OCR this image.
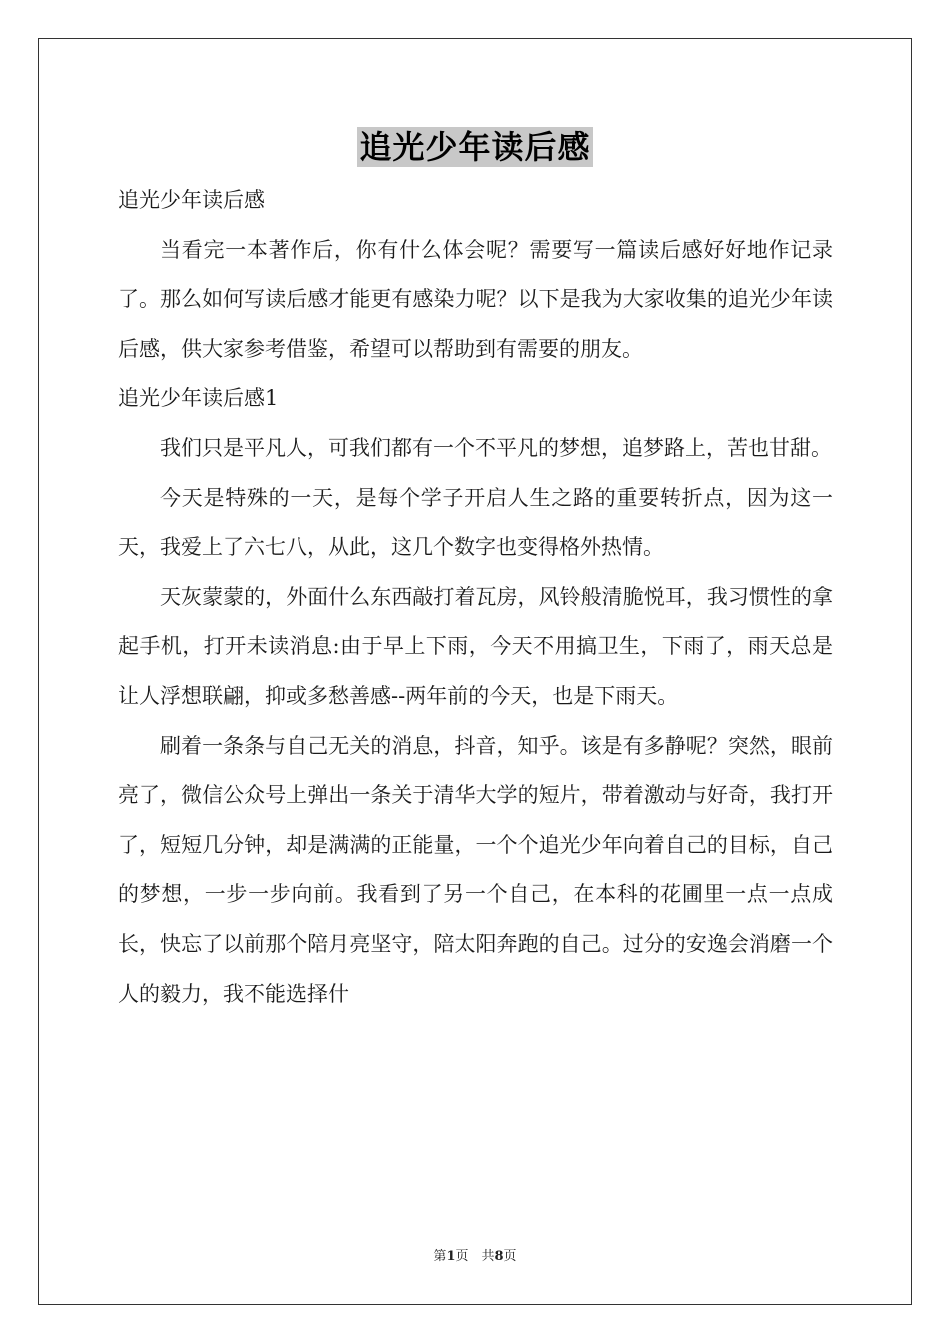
追光少年读后感

追光少年读后感

当看完一本著作后，你有什么体会呢？需要写一篇读后感好好地作记录了。那么如何写读后感才能更有感染力呢？以下是我为大家收集的追光少年读后感，供大家参考借鉴，希望可以帮助到有需要的朋友。

追光少年读后感1

我们只是平凡人，可我们都有一个不平凡的梦想，追梦路上，苦也甘甜。

今天是特殊的一天，是每个学子开启人生之路的重要转折点，因为这一天，我爱上了六七八，从此，这几个数字也变得格外热情。

天灰蒙蒙的，外面什么东西敲打着瓦房，风铃般清脆悦耳，我习惯性的拿起手机，打开未读消息:由于早上下雨，今天不用搞卫生，下雨了，雨天总是让人浮想联翩，抑或多愁善感--两年前的今天，也是下雨天。

刷着一条条与自己无关的消息，抖音，知乎。该是有多静呢？突然，眼前亮了，微信公众号上弹出一条关于清华大学的短片，带着激动与好奇，我打开了，短短几分钟，却是满满的正能量，一个个追光少年向着自己的目标，自己的梦想，一步一步向前。我看到了另一个自己，在本科的花圃里一点一点成长，快忘了以前那个陪月亮坚守，陪太阳奔跑的自己。过分的安逸会消磨一个人的毅力，我不能选择什

第1页　共8页
